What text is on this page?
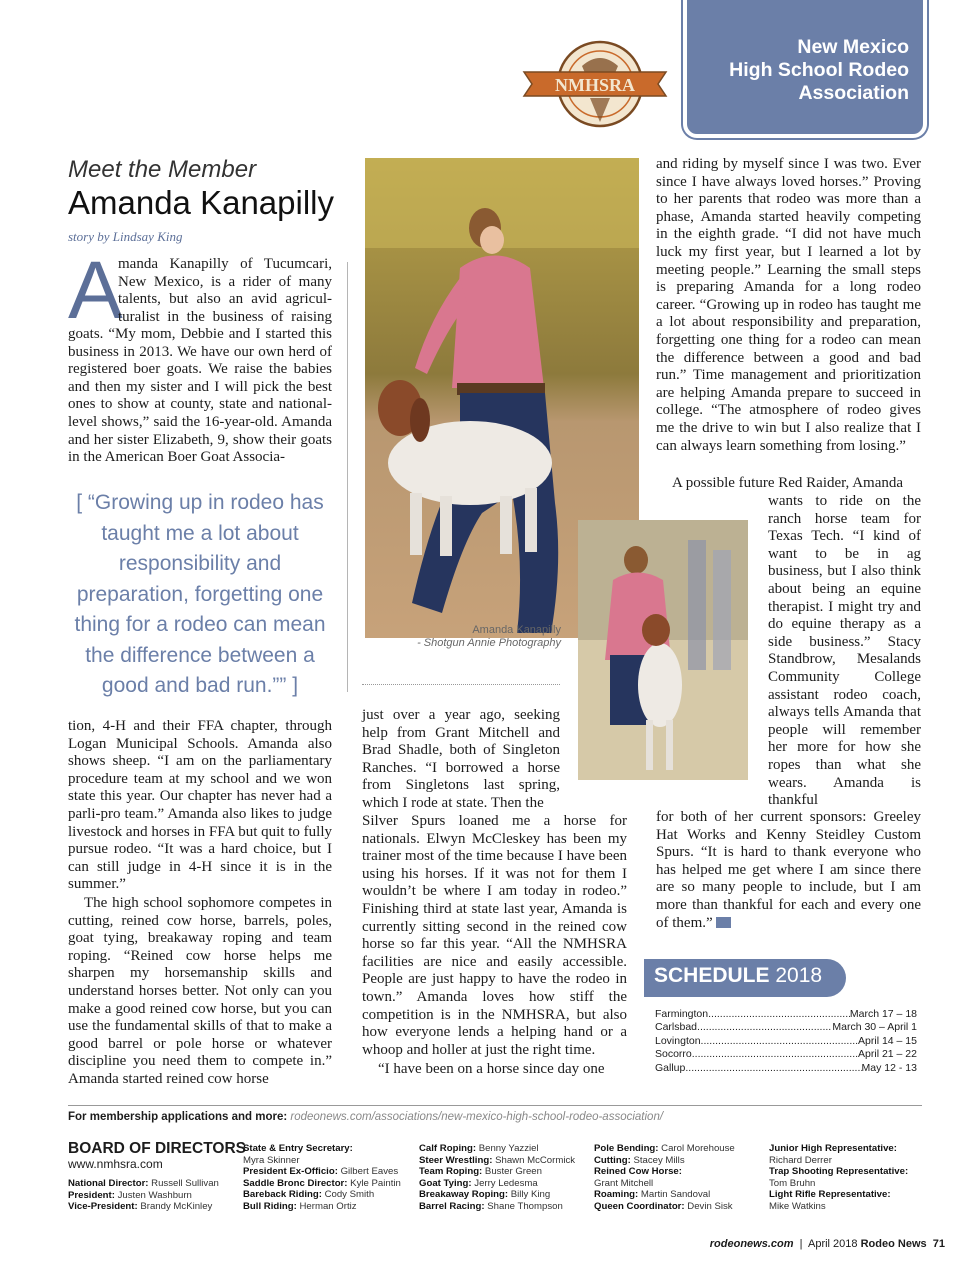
New Mexico
High School Rodeo
Association
NMHSRA
Meet the Member
Amanda Kanapilly
story by Lindsay King
A
manda Kanapilly of Tucumcari,
New Mexico, is a rider of many
talents, but also an avid agricul-
turalist in the business of raising
goats. “My mom, Debbie and I started this business in 2013. We have our own herd of registered boer goats. We raise the babies and then my sister and I will pick the best ones to show at county, state and national-level shows,” said the 16-year-old. Amanda and her sister Elizabeth, 9, show their goats in the American Boer Goat Associa-
[ “Growing up in rodeo has taught me a lot about responsibility and preparation, forgetting one thing for a rodeo can mean the difference between a good and bad run.”” ]
tion, 4-H and their FFA chapter, through Logan Municipal Schools. Amanda also shows sheep. “I am on the parliamentary procedure team at my school and we won state this year. Our chapter has never had a parli-pro team.” Amanda also likes to judge livestock and horses in FFA but quit to fully pursue rodeo. “It was a hard choice, but I can still judge in 4-H since it is in the summer.”
The high school sophomore competes in cutting, reined cow horse, barrels, poles, goat tying, breakaway roping and team roping. “Reined cow horse helps me sharpen my horsemanship skills and understand horses better. Not only can you make a good reined cow horse, but you can use the fundamental skills of that to make a good barrel or pole horse or whatever discipline you need them to compete in.” Amanda started reined cow horse
Amanda Kanapilly
- Shotgun Annie Photography
just over a year ago, seeking help from Grant Mitchell and Brad Shadle, both of Singleton Ranches. “I borrowed a horse from Singletons last spring, which I rode at state. Then the
Silver Spurs loaned me a horse for nationals. Elwyn McCleskey has been my trainer most of the time because I have been using his horses. If it was not for them I wouldn’t be where I am today in rodeo.” Finishing third at state last year, Amanda is currently sitting second in the reined cow horse so far this year. “All the NMHSRA facilities are nice and easily accessible. People are just happy to have the rodeo in town.” Amanda loves how stiff the competition is in the NMHSRA, but also how everyone lends a helping hand or a whoop and holler at just the right time.
“I have been on a horse since day one
and riding by myself since I was two. Ever since I have always loved horses.” Proving to her parents that rodeo was more than a phase, Amanda started heavily competing in the eighth grade. “I did not have much luck my first year, but I learned a lot by meeting people.” Learning the small steps is preparing Amanda for a long rodeo career. “Growing up in rodeo has taught me a lot about responsibility and preparation, forgetting one thing for a rodeo can mean the difference between a good and bad run.” Time management and prioritization are helping Amanda prepare to succeed in college. “The atmosphere of rodeo gives me the drive to win but I also realize that I can always learn something from losing.”
A possible future Red Raider, Amanda
wants to ride on the ranch horse team for Texas Tech. “I kind of want to be in ag business, but I also think about being an equine therapist. I might try and do equine therapy as a side business.” Stacy Standbrow, Mesalands Community College assistant rodeo coach, always tells Amanda that people will remember her more for how she ropes than what she wears. Amanda is thankful
for both of her current sponsors: Greeley Hat Works and Kenny Steidley Custom Spurs. “It is hard to thank everyone who has helped me get where I am since there are so many people to include, but I am more than thankful for each and every one of them.”
SCHEDULE 2018
Farmington .....	March 17 – 18
Carlsbad .....	March 30 – April 1
Lovington .....	April 14 – 15
Socorro .....	April 21 – 22
Gallup .....	May 12 - 13
For membership applications and more: rodeonews.com/associations/new-mexico-high-school-rodeo-association/
BOARD OF DIRECTORS
www.nmhsra.com
National Director: Russell Sullivan
President: Justen Washburn
Vice-President: Brandy McKinley
State & Entry Secretary:
Myra Skinner
President Ex-Officio: Gilbert Eaves
Saddle Bronc Director: Kyle Paintin
Bareback Riding: Cody Smith
Bull Riding: Herman Ortiz
Calf Roping: Benny Yazziel
Steer Wrestling: Shawn McCormick
Team Roping: Buster Green
Goat Tying: Jerry Ledesma
Breakaway Roping: Billy King
Barrel Racing: Shane Thompson
Pole Bending: Carol Morehouse
Cutting: Stacey Mills
Reined Cow Horse:
Grant Mitchell
Roaming: Martin Sandoval
Queen Coordinator: Devin Sisk
Junior High Representative:
Richard Derrer
Trap Shooting Representative:
Tom Bruhn
Light Rifle Representative:
Mike Watkins
rodeonews.com  |  April 2018 Rodeo News 71
